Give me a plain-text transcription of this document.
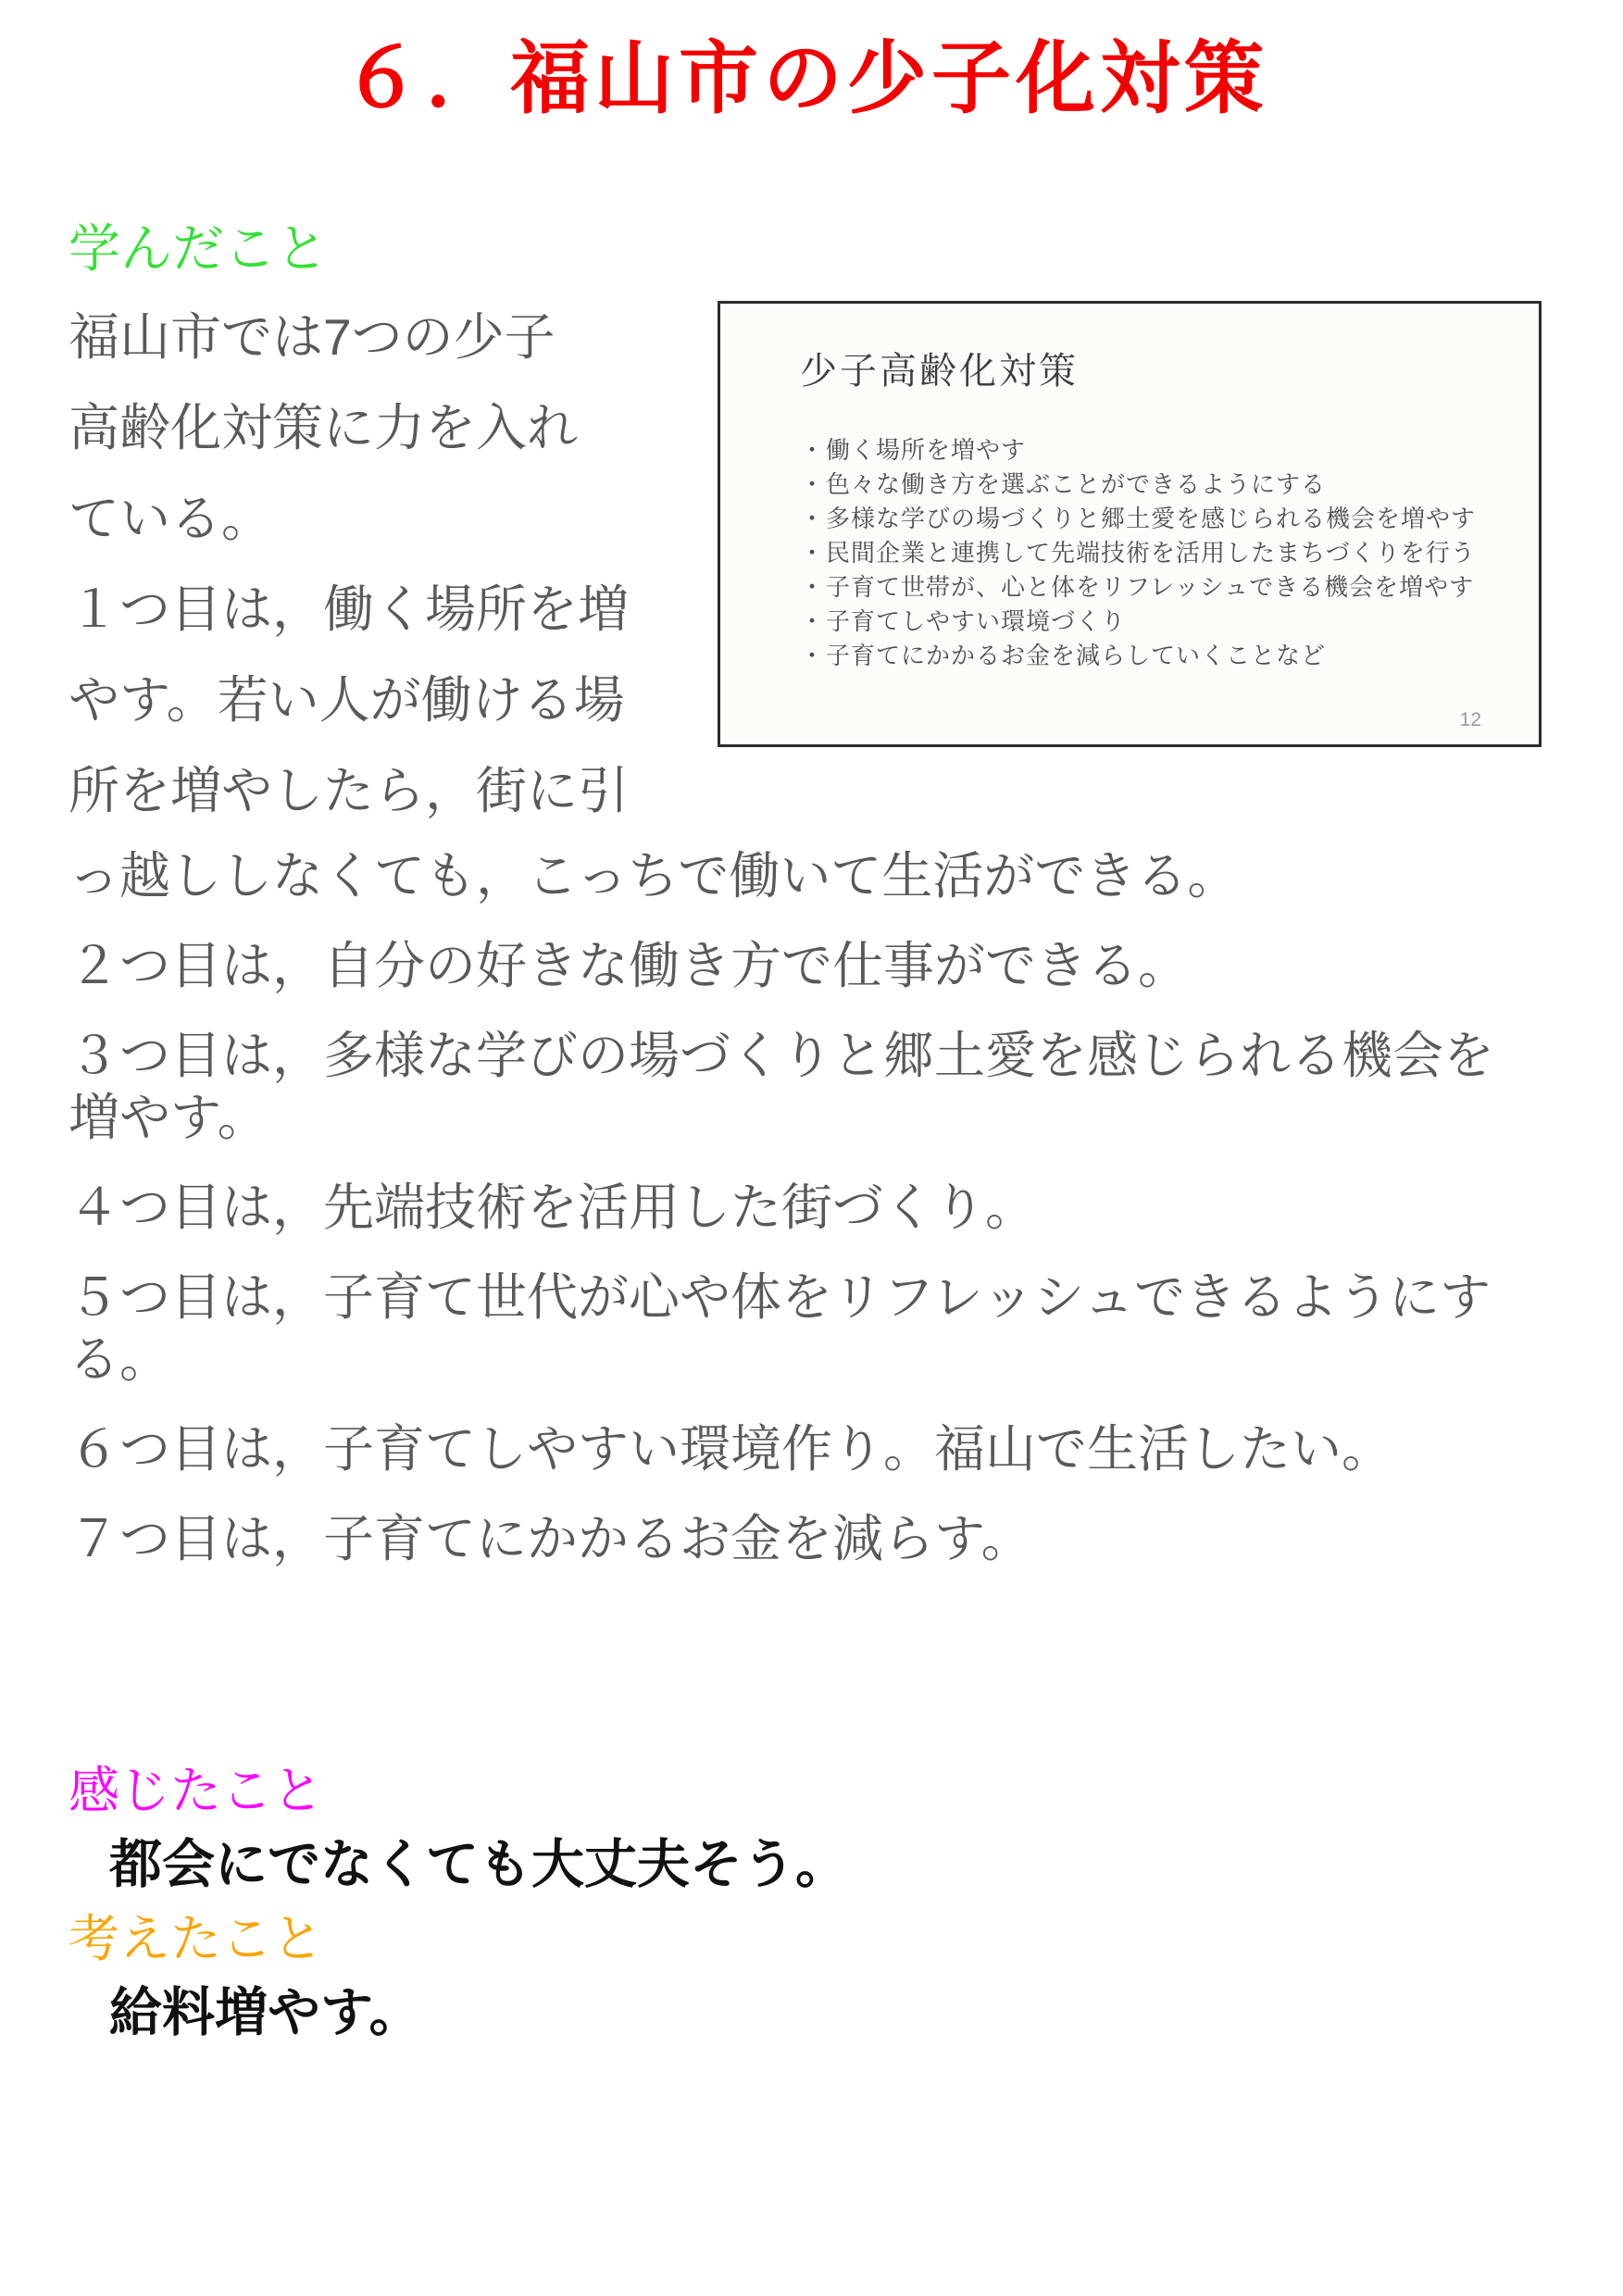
６．福山市の少子化対策
学んだこと
福山市では7つの少子
高齢化対策に力を入れ
ている。
１つ目は，働く場所を増
やす。若い人が働ける場
所を増やしたら，街に引
少子高齢化対策
・働く場所を増やす
・色々な働き方を選ぶことができるようにする
・多様な学びの場づくりと郷土愛を感じられる機会を増やす
・民間企業と連携して先端技術を活用したまちづくりを行う
・子育て世帯が、心と体をリフレッシュできる機会を増やす
・子育てしやすい環境づくり
・子育てにかかるお金を減らしていくことなど
12
っ越ししなくても，こっちで働いて生活ができる。
２つ目は，自分の好きな働き方で仕事ができる。
３つ目は，多様な学びの場づくりと郷土愛を感じられる機会を
増やす。
４つ目は，先端技術を活用した街づくり。
５つ目は，子育て世代が心や体をリフレッシュできるようにす
る。
６つ目は，子育てしやすい環境作り。福山で生活したい。
７つ目は，子育てにかかるお金を減らす。
感じたこと
都会にでなくても大丈夫そう。
考えたこと
給料増やす。
